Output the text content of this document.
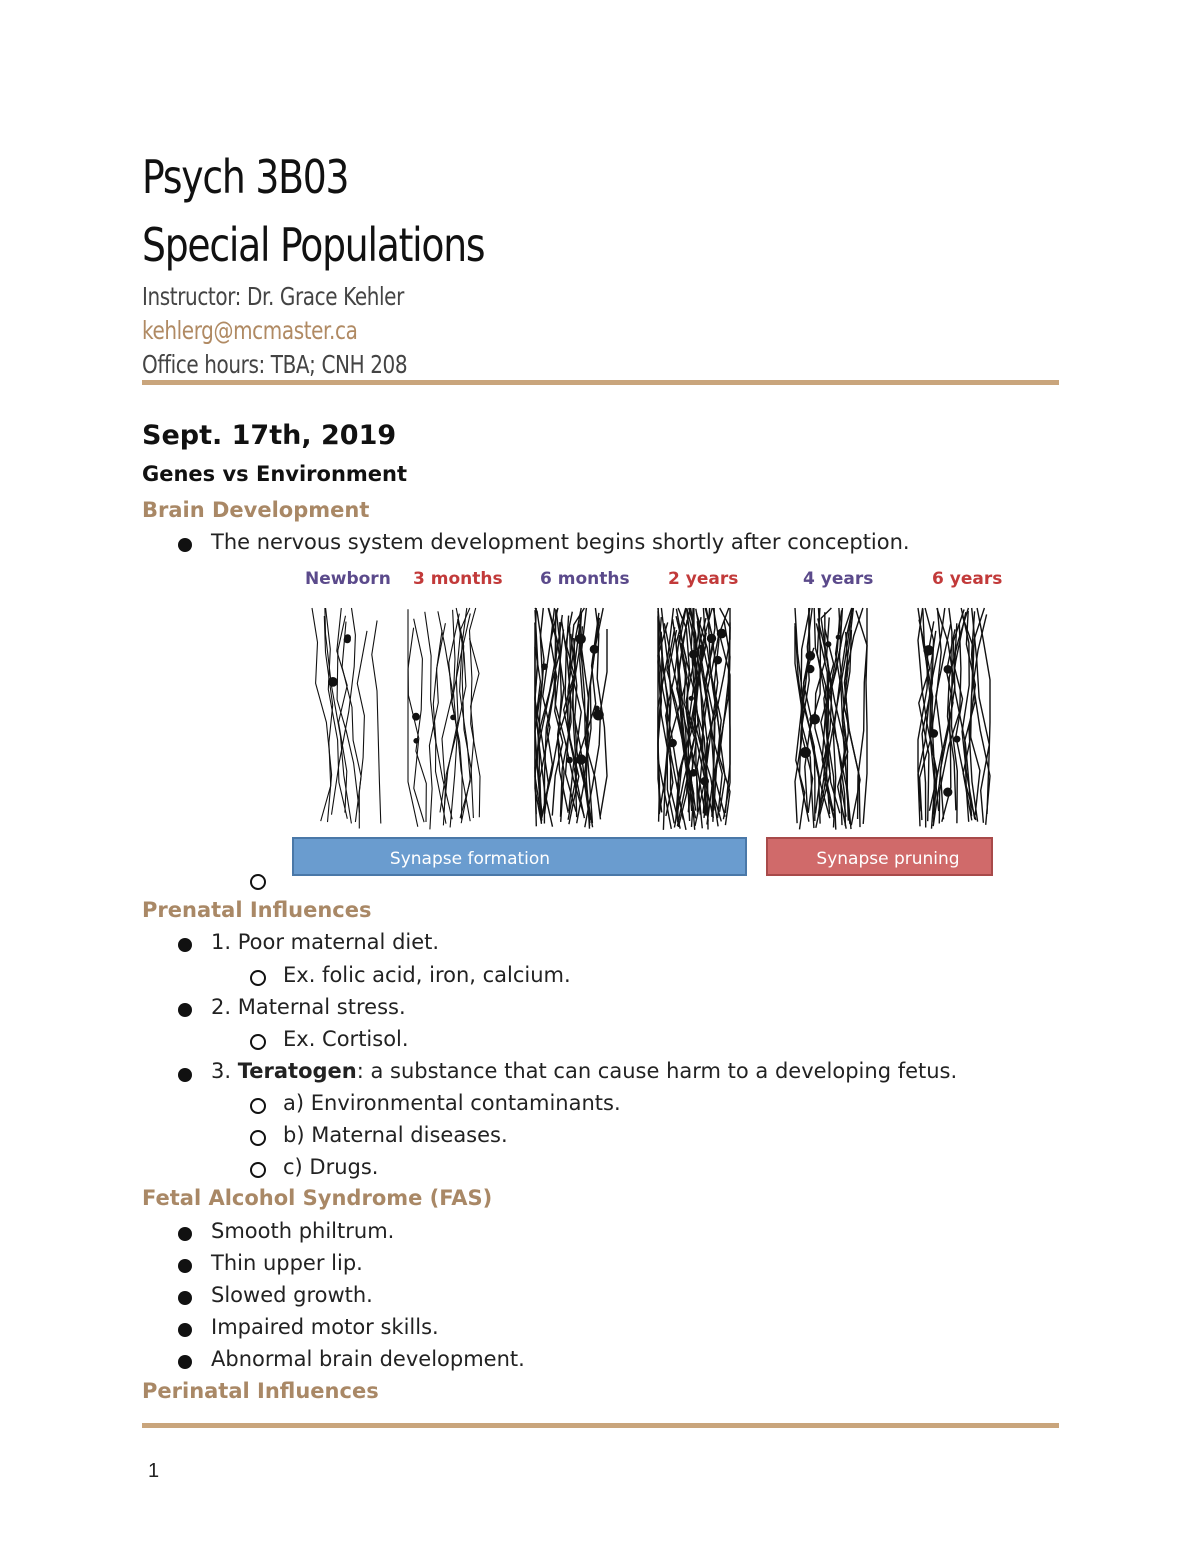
Psych 3B03
Special Populations
Instructor: Dr. Grace Kehler
kehlerg@mcmaster.ca
Office hours: TBA; CNH 208
Sept. 17th, 2019
Genes vs Environment
Brain Development
The nervous system development begins shortly after conception.
Newborn 3 months 6 months 2 years	4 years	6 years
Synapse formation	Synapse pruning
Prenatal Influences
1. Poor maternal diet.
Ex. folic acid, iron, calcium.
2. Maternal stress.
Ex. Cortisol.
3. Teratogen: a substance that can cause harm to a developing fetus.
a) Environmental contaminants.
b) Maternal diseases.
c) Drugs.
Fetal Alcohol Syndrome (FAS)
Smooth philtrum.
Thin upper lip.
Slowed growth.
Impaired motor skills.
Abnormal brain development.
Perinatal Influences
1
